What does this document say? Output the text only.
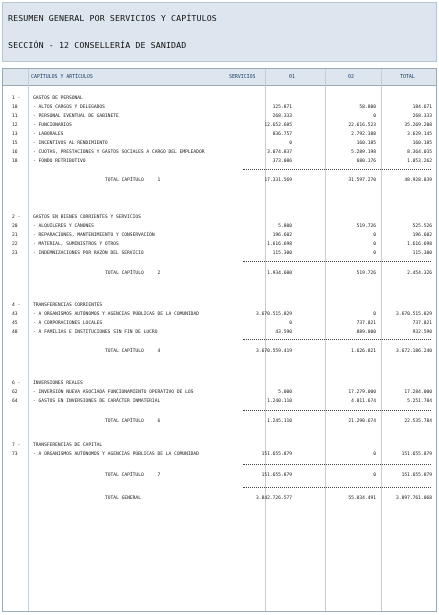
RESUMEN GENERAL POR SERVICIOS Y CAPÍTULOS
SECCIÓN - 12 CONSELLERÍA DE SANIDAD
CAPÍTULOS Y ARTÍCULOS	SERVICIOS	01	02	TOTAL
1 -	GASTOS DE PERSONAL
10	- ALTOS CARGOS Y DELEGADOS	125.871	58.800	184.671
11	- PERSONAL EVENTUAL DE GABINETE	268.333	0	268.333
12	- FUNCIONARIOS	12.652.685	22.616.523	35.269.208
13	- LABORALES	836.757	2.792.388	3.629.145
15	- INCENTIVOS AL RENDIMIENTO	0	160.185	160.185
16	- CUOTAS, PRESTACIONES Y GASTOS SOCIALES A CARGO DEL EMPLEADOR	3.074.837	5.289.198	8.364.035
18	- FONDO RETRIBUTIVO	373.086	680.176	1.053.262
TOTAL CAPÍTULO     1	17.331.569	31.597.270	48.928.839
2 -	GASTOS EN BIENES CORRIENTES Y SERVICIOS
20	- ALQUILERES Y CÁNONES	5.800	519.726	525.526
21	- REPARACIONES, MANTENIMIENTO Y CONSERVACIÓN	196.602	0	196.602
22	- MATERIAL, SUMINISTROS Y OTROS	1.616.698	0	1.616.698
23	- INDEMNIZACIONES POR RAZÓN DEL SERVICIO	115.300	0	115.300
TOTAL CAPÍTULO     2	1.934.600	519.726	2.454.326
4 -	TRANSFERENCIAS CORRIENTES
43	- A ORGANISMOS AUTÓNOMOS Y AGENCIAS PÚBLICAS DE LA COMUNIDAD	3.670.515.829	0	3.670.515.829
45	- A CORPORACIONES LOCALES	0	737.821	737.821
48	- A FAMILIAS E INSTITUCIONES SIN FIN DE LUCRO	43.590	889.000	932.590
TOTAL CAPÍTULO     4	3.670.559.419	1.626.821	3.672.186.240
6 -	INVERSIONES REALES
62	- INVERSIÓN NUEVA ASOCIADA FUNCIONAMIENTO OPERATIVO DE LOS	5.000	17.279.000	17.284.000
64	- GASTOS EN INVERSIONES DE CARÁCTER INMATERIAL	1.240.110	4.011.674	5.251.784
TOTAL CAPÍTULO     6	1.245.110	21.290.674	22.535.784
7 -	TRANSFERENCIAS DE CAPITAL
73	- A ORGANISMOS AUTÓNOMOS Y AGENCIAS PÚBLICAS DE LA COMUNIDAD	151.655.879	0	151.655.879
TOTAL CAPÍTULO     7	151.655.879	0	151.655.879
TOTAL GENERAL	3.842.726.577	55.034.491	3.897.761.068
